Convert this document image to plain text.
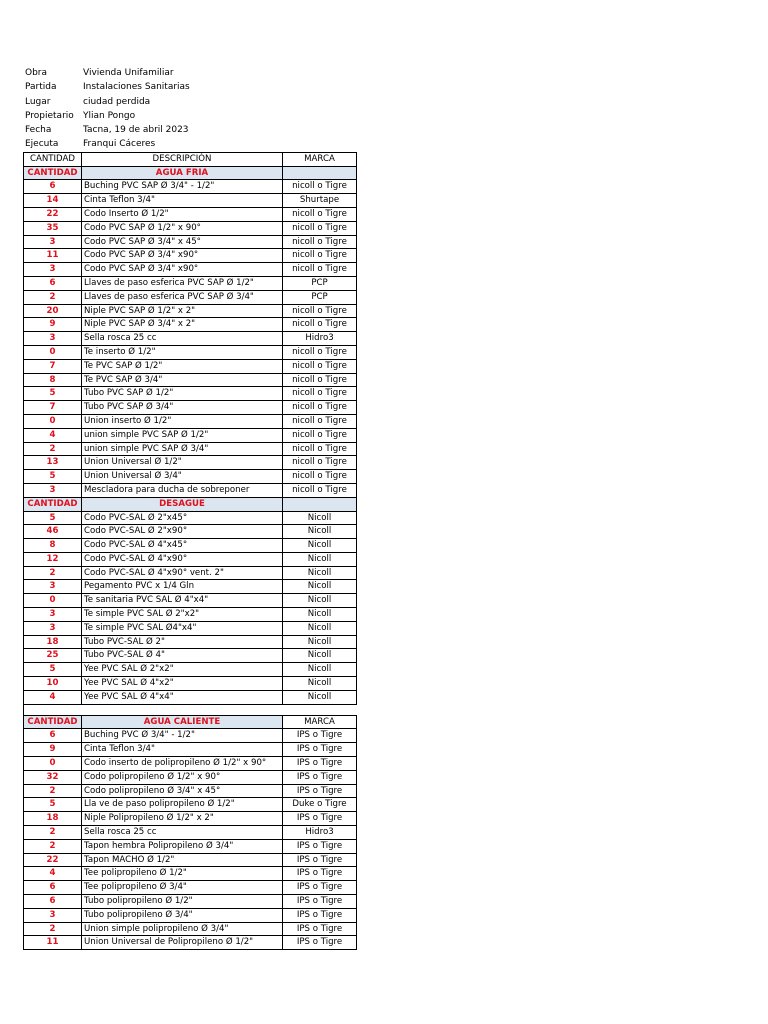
Obra	Vivienda Unifamiliar
Partida	Instalaciones Sanitarias
Lugar	ciudad perdida
Propietario	Ylian Pongo
Fecha	Tacna, 19 de abril 2023
Ejecuta	Franqui Cáceres
CANTIDAD	DESCRIPCIÓN	MARCA
CANTIDAD	AGUA FRIA	
6	Buching PVC SAP Ø 3/4" - 1/2"	nicoll o Tigre
14	Cinta Teflon 3/4"	Shurtape
22	Codo Inserto Ø 1/2"	nicoll o Tigre
35	Codo PVC SAP Ø 1/2" x 90°	nicoll o Tigre
3	Codo PVC SAP Ø 3/4" x 45°	nicoll o Tigre
11	Codo PVC SAP Ø 3/4" x90°	nicoll o Tigre
3	Codo PVC SAP Ø 3/4" x90°	nicoll o Tigre
6	Llaves de paso esferica PVC SAP Ø 1/2"	PCP
2	Llaves de paso esferica PVC SAP Ø 3/4"	PCP
20	Niple PVC SAP Ø 1/2" x 2"	nicoll o Tigre
9	Niple PVC SAP Ø 3/4" x 2"	nicoll o Tigre
3	Sella rosca 25 cc	Hidro3
0	Te inserto Ø 1/2"	nicoll o Tigre
7	Te PVC SAP Ø 1/2"	nicoll o Tigre
8	Te PVC SAP Ø 3/4"	nicoll o Tigre
5	Tubo PVC SAP Ø 1/2"	nicoll o Tigre
7	Tubo PVC SAP Ø 3/4"	nicoll o Tigre
0	Union inserto Ø 1/2"	nicoll o Tigre
4	union simple PVC SAP Ø 1/2"	nicoll o Tigre
2	union simple PVC SAP Ø 3/4"	nicoll o Tigre
13	Union Universal Ø 1/2"	nicoll o Tigre
5	Union Universal Ø 3/4"	nicoll o Tigre
3	Mescladora para ducha de sobreponer	nicoll o Tigre
CANTIDAD	DESAGUE	
5	Codo PVC-SAL Ø 2"x45°	Nicoll
46	Codo PVC-SAL Ø 2"x90°	Nicoll
8	Codo PVC-SAL Ø 4"x45°	Nicoll
12	Codo PVC-SAL Ø 4"x90°	Nicoll
2	Codo PVC-SAL Ø 4"x90° vent. 2"	Nicoll
3	Pegamento PVC x 1/4 Gln	Nicoll
0	Te sanitaria PVC SAL Ø 4"x4"	Nicoll
3	Te simple PVC SAL Ø 2"x2"	Nicoll
3	Te simple PVC SAL Ø4"x4"	Nicoll
18	Tubo PVC-SAL Ø 2"	Nicoll
25	Tubo PVC-SAL Ø 4"	Nicoll
5	Yee PVC SAL Ø 2"x2"	Nicoll
10	Yee PVC SAL Ø 4"x2"	Nicoll
4	Yee PVC SAL Ø 4"x4"	Nicoll

CANTIDAD	AGUA CALIENTE	MARCA
6	Buching PVC Ø 3/4" - 1/2"	IPS o Tigre
9	Cinta Teflon 3/4"	IPS o Tigre
0	Codo inserto de polipropileno Ø 1/2" x 90°	IPS o Tigre
32	Codo polipropileno Ø 1/2" x 90°	IPS o Tigre
2	Codo polipropileno Ø 3/4" x 45°	IPS o Tigre
5	Lla ve de paso polipropileno Ø 1/2"	Duke o Tigre
18	Niple Polipropileno Ø 1/2" x 2"	IPS o Tigre
2	Sella rosca 25 cc	Hidro3
2	Tapon hembra Polipropileno Ø 3/4"	IPS o Tigre
22	Tapon MACHO Ø 1/2"	IPS o Tigre
4	Tee polipropileno Ø 1/2"	IPS o Tigre
6	Tee polipropileno Ø 3/4"	IPS o Tigre
6	Tubo polipropileno Ø 1/2"	IPS o Tigre
3	Tubo polipropileno Ø 3/4"	IPS o Tigre
2	Union simple polipropileno Ø 3/4"	IPS o Tigre
11	Union Universal de Polipropileno Ø 1/2"	IPS o Tigre
